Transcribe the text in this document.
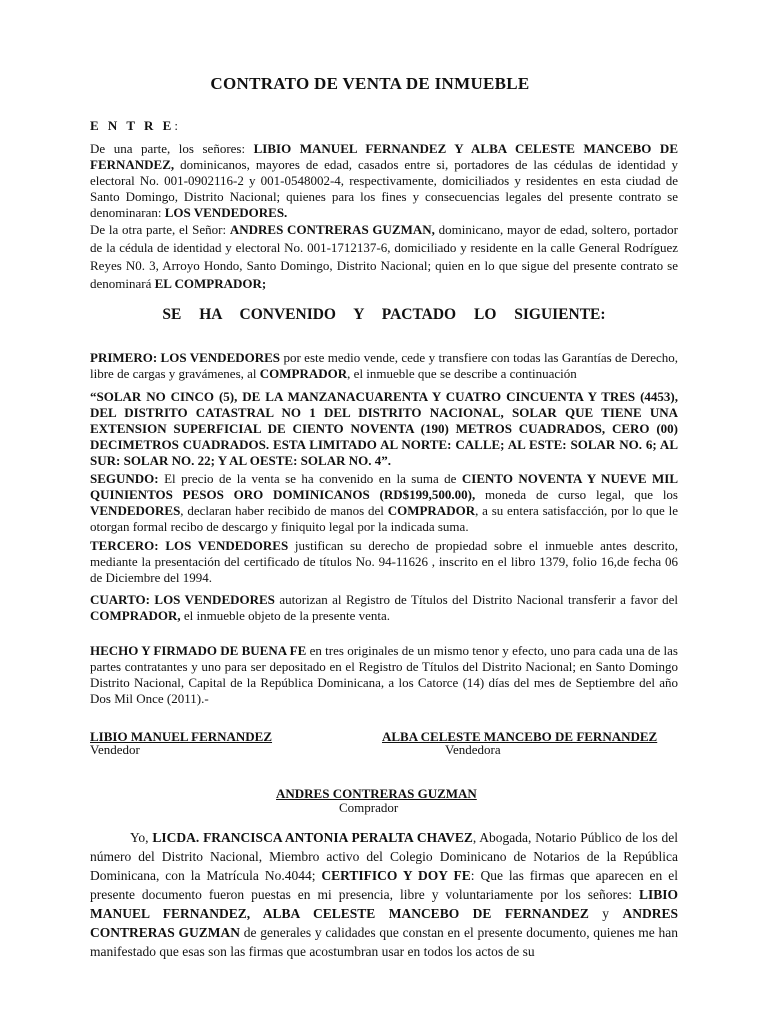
CONTRATO DE VENTA DE INMUEBLE
E N T R E:

De una parte, los señores: LIBIO MANUEL FERNANDEZ Y ALBA CELESTE MANCEBO DE FERNANDEZ, dominicanos, mayores de edad, casados entre si, portadores de las cédulas de identidad y electoral No. 001-0902116-2 y 001-0548002-4, respectivamente, domiciliados y residentes en esta ciudad de Santo Domingo, Distrito Nacional; quienes para los fines y consecuencias legales del presente contrato se denominaran: LOS VENDEDORES.

De la otra parte, el Señor: ANDRES CONTRERAS GUZMAN, dominicano, mayor de edad, soltero, portador de la cédula de identidad y electoral No. 001-1712137-6, domiciliado y residente en la calle General Rodríguez Reyes N0. 3, Arroyo Hondo, Santo Domingo, Distrito Nacional; quien en lo que sigue del presente contrato se denominará EL COMPRADOR;

SE HA CONVENIDO Y PACTADO LO SIGUIENTE:

PRIMERO: LOS VENDEDORES por este medio vende, cede y transfiere con todas las Garantías de Derecho, libre de cargas y gravámenes, al COMPRADOR, el inmueble que se describe a continuación

“SOLAR NO CINCO (5), DE LA MANZANACUARENTA Y CUATRO CINCUENTA Y TRES (4453), DEL DISTRITO CATASTRAL NO 1 DEL DISTRITO NACIONAL, SOLAR QUE TIENE UNA EXTENSION SUPERFICIAL DE CIENTO NOVENTA (190) METROS CUADRADOS, CERO (00) DECIMETROS CUADRADOS. ESTA LIMITADO AL NORTE: CALLE; AL ESTE: SOLAR NO. 6; AL SUR: SOLAR NO. 22; Y AL OESTE: SOLAR NO. 4”.

SEGUNDO: El precio de la venta se ha convenido en la suma de CIENTO NOVENTA Y NUEVE MIL QUINIENTOS PESOS ORO DOMINICANOS (RD$199,500.00), moneda de curso legal, que los VENDEDORES, declaran haber recibido de manos del COMPRADOR, a su entera satisfacción, por lo que le otorgan formal recibo de descargo y finiquito legal por la indicada suma.

TERCERO: LOS VENDEDORES justifican su derecho de propiedad sobre el inmueble antes descrito, mediante la presentación del certificado de títulos No. 94-11626 , inscrito en el libro 1379, folio 16,de fecha 06 de Diciembre del 1994.

CUARTO: LOS VENDEDORES autorizan al Registro de Títulos del Distrito Nacional transferir a favor del COMPRADOR, el inmueble objeto de la presente venta.

HECHO Y FIRMADO DE BUENA FE en tres originales de un mismo tenor y efecto, uno para cada una de las partes contratantes y uno para ser depositado en el Registro de Títulos del Distrito Nacional; en Santo Domingo Distrito Nacional, Capital de la República Dominicana, a los Catorce (14) días del mes de Septiembre del año Dos Mil Once (2011).-

LIBIO MANUEL FERNANDEZ
Vendedor
ALBA CELESTE MANCEBO DE FERNANDEZ
Vendedora
ANDRES CONTRERAS GUZMAN
Comprador
Yo, LICDA. FRANCISCA ANTONIA PERALTA CHAVEZ, Abogada, Notario Público de los del número del Distrito Nacional, Miembro activo del Colegio Dominicano de Notarios de la República Dominicana, con la Matrícula No.4044; CERTIFICO Y DOY FE: Que las firmas que aparecen en el presente documento fueron puestas en mi presencia, libre y voluntariamente por los señores: LIBIO MANUEL FERNANDEZ, ALBA CELESTE MANCEBO DE FERNANDEZ y ANDRES CONTRERAS GUZMAN de generales y calidades que constan en el presente documento, quienes me han manifestado que esas son las firmas que acostumbran usar en todos los actos de su
